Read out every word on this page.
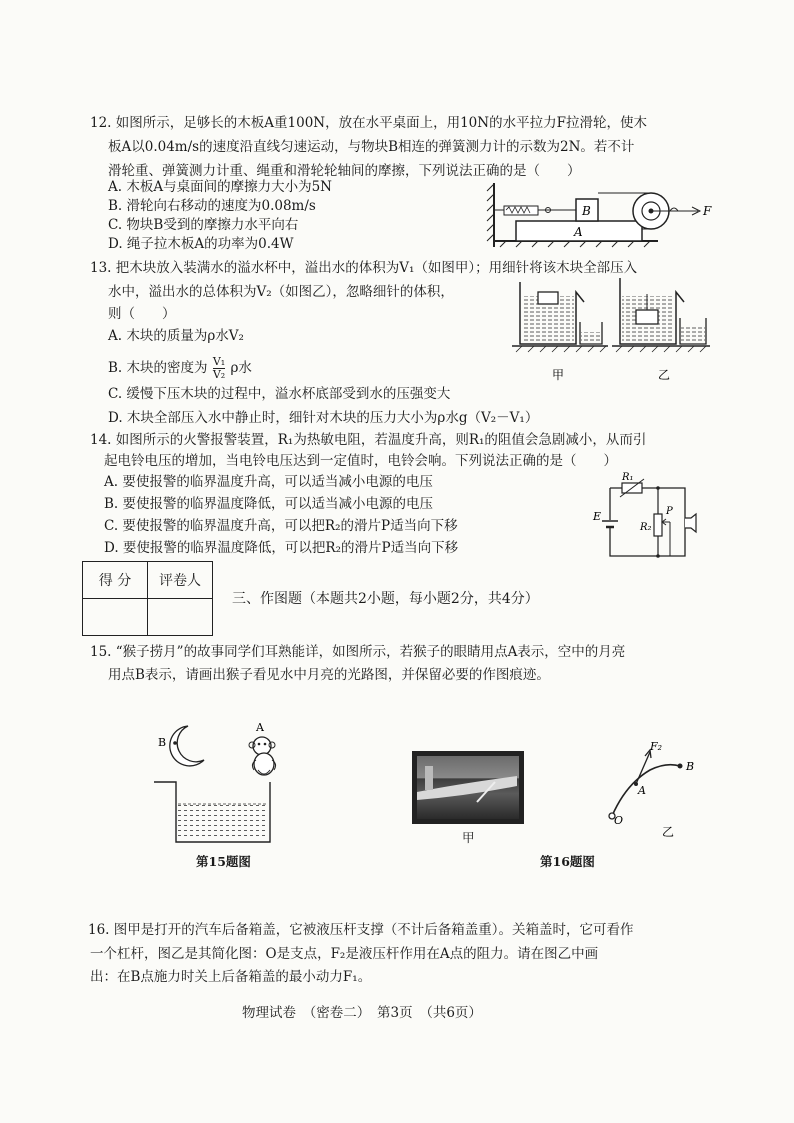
12. 如图所示，足够长的木板A重100N，放在水平桌面上，用10N的水平拉力F拉滑轮，使木
板A以0.04m/s的速度沿直线匀速运动，与物块B相连的弹簧测力计的示数为2N。若不计
滑轮重、弹簧测力计重、绳重和滑轮轮轴间的摩擦，下列说法正确的是（　　）
A. 木板A与桌面间的摩擦力大小为5N
B. 滑轮向右移动的速度为0.08m/s
C. 物块B受到的摩擦力水平向右
D. 绳子拉木板A的功率为0.4W
A
B	F
13. 把木块放入装满水的溢水杯中，溢出水的体积为V₁（如图甲）；用细针将该木块全部压入
水中，溢出水的总体积为V₂（如图乙），忽略细针的体积，
则（　　）
A. 木块的质量为ρ水V₂
B. 木块的密度为 $\frac{\text{V₁}}{\text{V₂}}$ ρ水
C. 缓慢下压木块的过程中，溢水杯底部受到水的压强变大
D. 木块全部压入水中静止时，细针对木块的压力大小为ρ水g（V₂－V₁）
甲	乙
14. 如图所示的火警报警装置，R₁为热敏电阻，若温度升高，则R₁的阻值会急剧减小，从而引
起电铃电压的增加，当电铃电压达到一定值时，电铃会响。下列说法正确的是（　　）
A. 要使报警的临界温度升高，可以适当减小电源的电压
B. 要使报警的临界温度降低，可以适当减小电源的电压
C. 要使报警的临界温度升高，可以把R₂的滑片P适当向下移
D. 要使报警的临界温度降低，可以把R₂的滑片P适当向下移
E
R₁
R₂
P
得 分	评卷人

三、作图题（本题共2小题，每小题2分，共4分）
15. “猴子捞月”的故事同学们耳熟能详，如图所示，若猴子的眼睛用点A表示，空中的月亮
用点B表示，请画出猴子看见水中月亮的光路图，并保留必要的作图痕迹。
B
A
第15题图
甲
F₂
B
A
O
乙
第16题图
16. 图甲是打开的汽车后备箱盖，它被液压杆支撑（不计后备箱盖重）。关箱盖时，它可看作
一个杠杆，图乙是其简化图：O是支点，F₂是液压杆作用在A点的阻力。请在图乙中画
出：在B点施力时关上后备箱盖的最小动力F₁。
物理试卷　（密卷二）　第3页　（共6页）
